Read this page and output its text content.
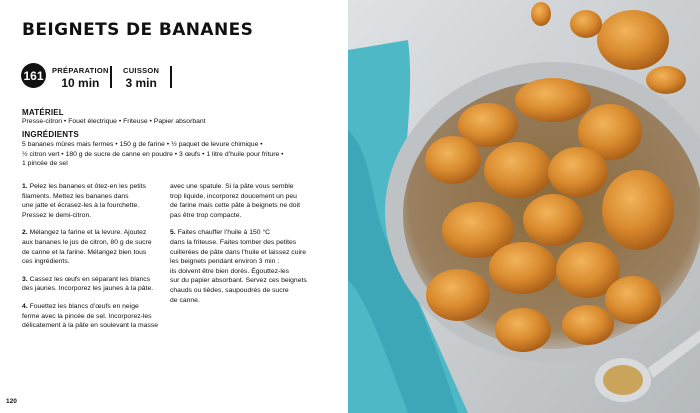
BEIGNETS DE BANANES
161	PRÉPARATION
10 min
CUISSON
3 min
MATÉRIEL
Presse-citron • Fouet électrique • Friteuse • Papier absorbant
INGRÉDIENTS
5 bananes mûres mais fermes • 150 g de farine • ½ paquet de levure chimique •
½ citron vert • 180 g de sucre de canne en poudre • 3 œufs • 1 litre d’huile pour friture •
1 pincée de sel
1. Pelez les bananes et ôtez-en les petits
filaments. Mettez les bananes dans
une jatte et écrasez-les à la fourchette.
Pressez le demi-citron.
2. Mélangez la farine et la levure. Ajoutez
aux bananes le jus de citron, 80 g de sucre
de canne et la farine. Mélangez bien tous
ces ingrédients.
3. Cassez les œufs en séparant les blancs
des jaunes. Incorporez les jaunes à la pâte.
4. Fouettez les blancs d’œufs en neige
ferme avec la pincée de sel. Incorporez-les
délicatement à la pâte en soulevant la masse
avec une spatule. Si la pâte vous semble
trop liquide, incorporez doucement un peu
de farine mais cette pâte à beignets ne doit
pas être trop compacte.
5. Faites chauffer l’huile à 150 °C
dans la friteuse. Faites tomber des petites
cuillerées de pâte dans l’huile et laissez cuire
les beignets pendant environ 3 min :
ils doivent être bien dorés. Égouttez-les
sur du papier absorbant. Servez ces beignets
chauds ou tièdes, saupoudrés de sucre
de canne.
120
